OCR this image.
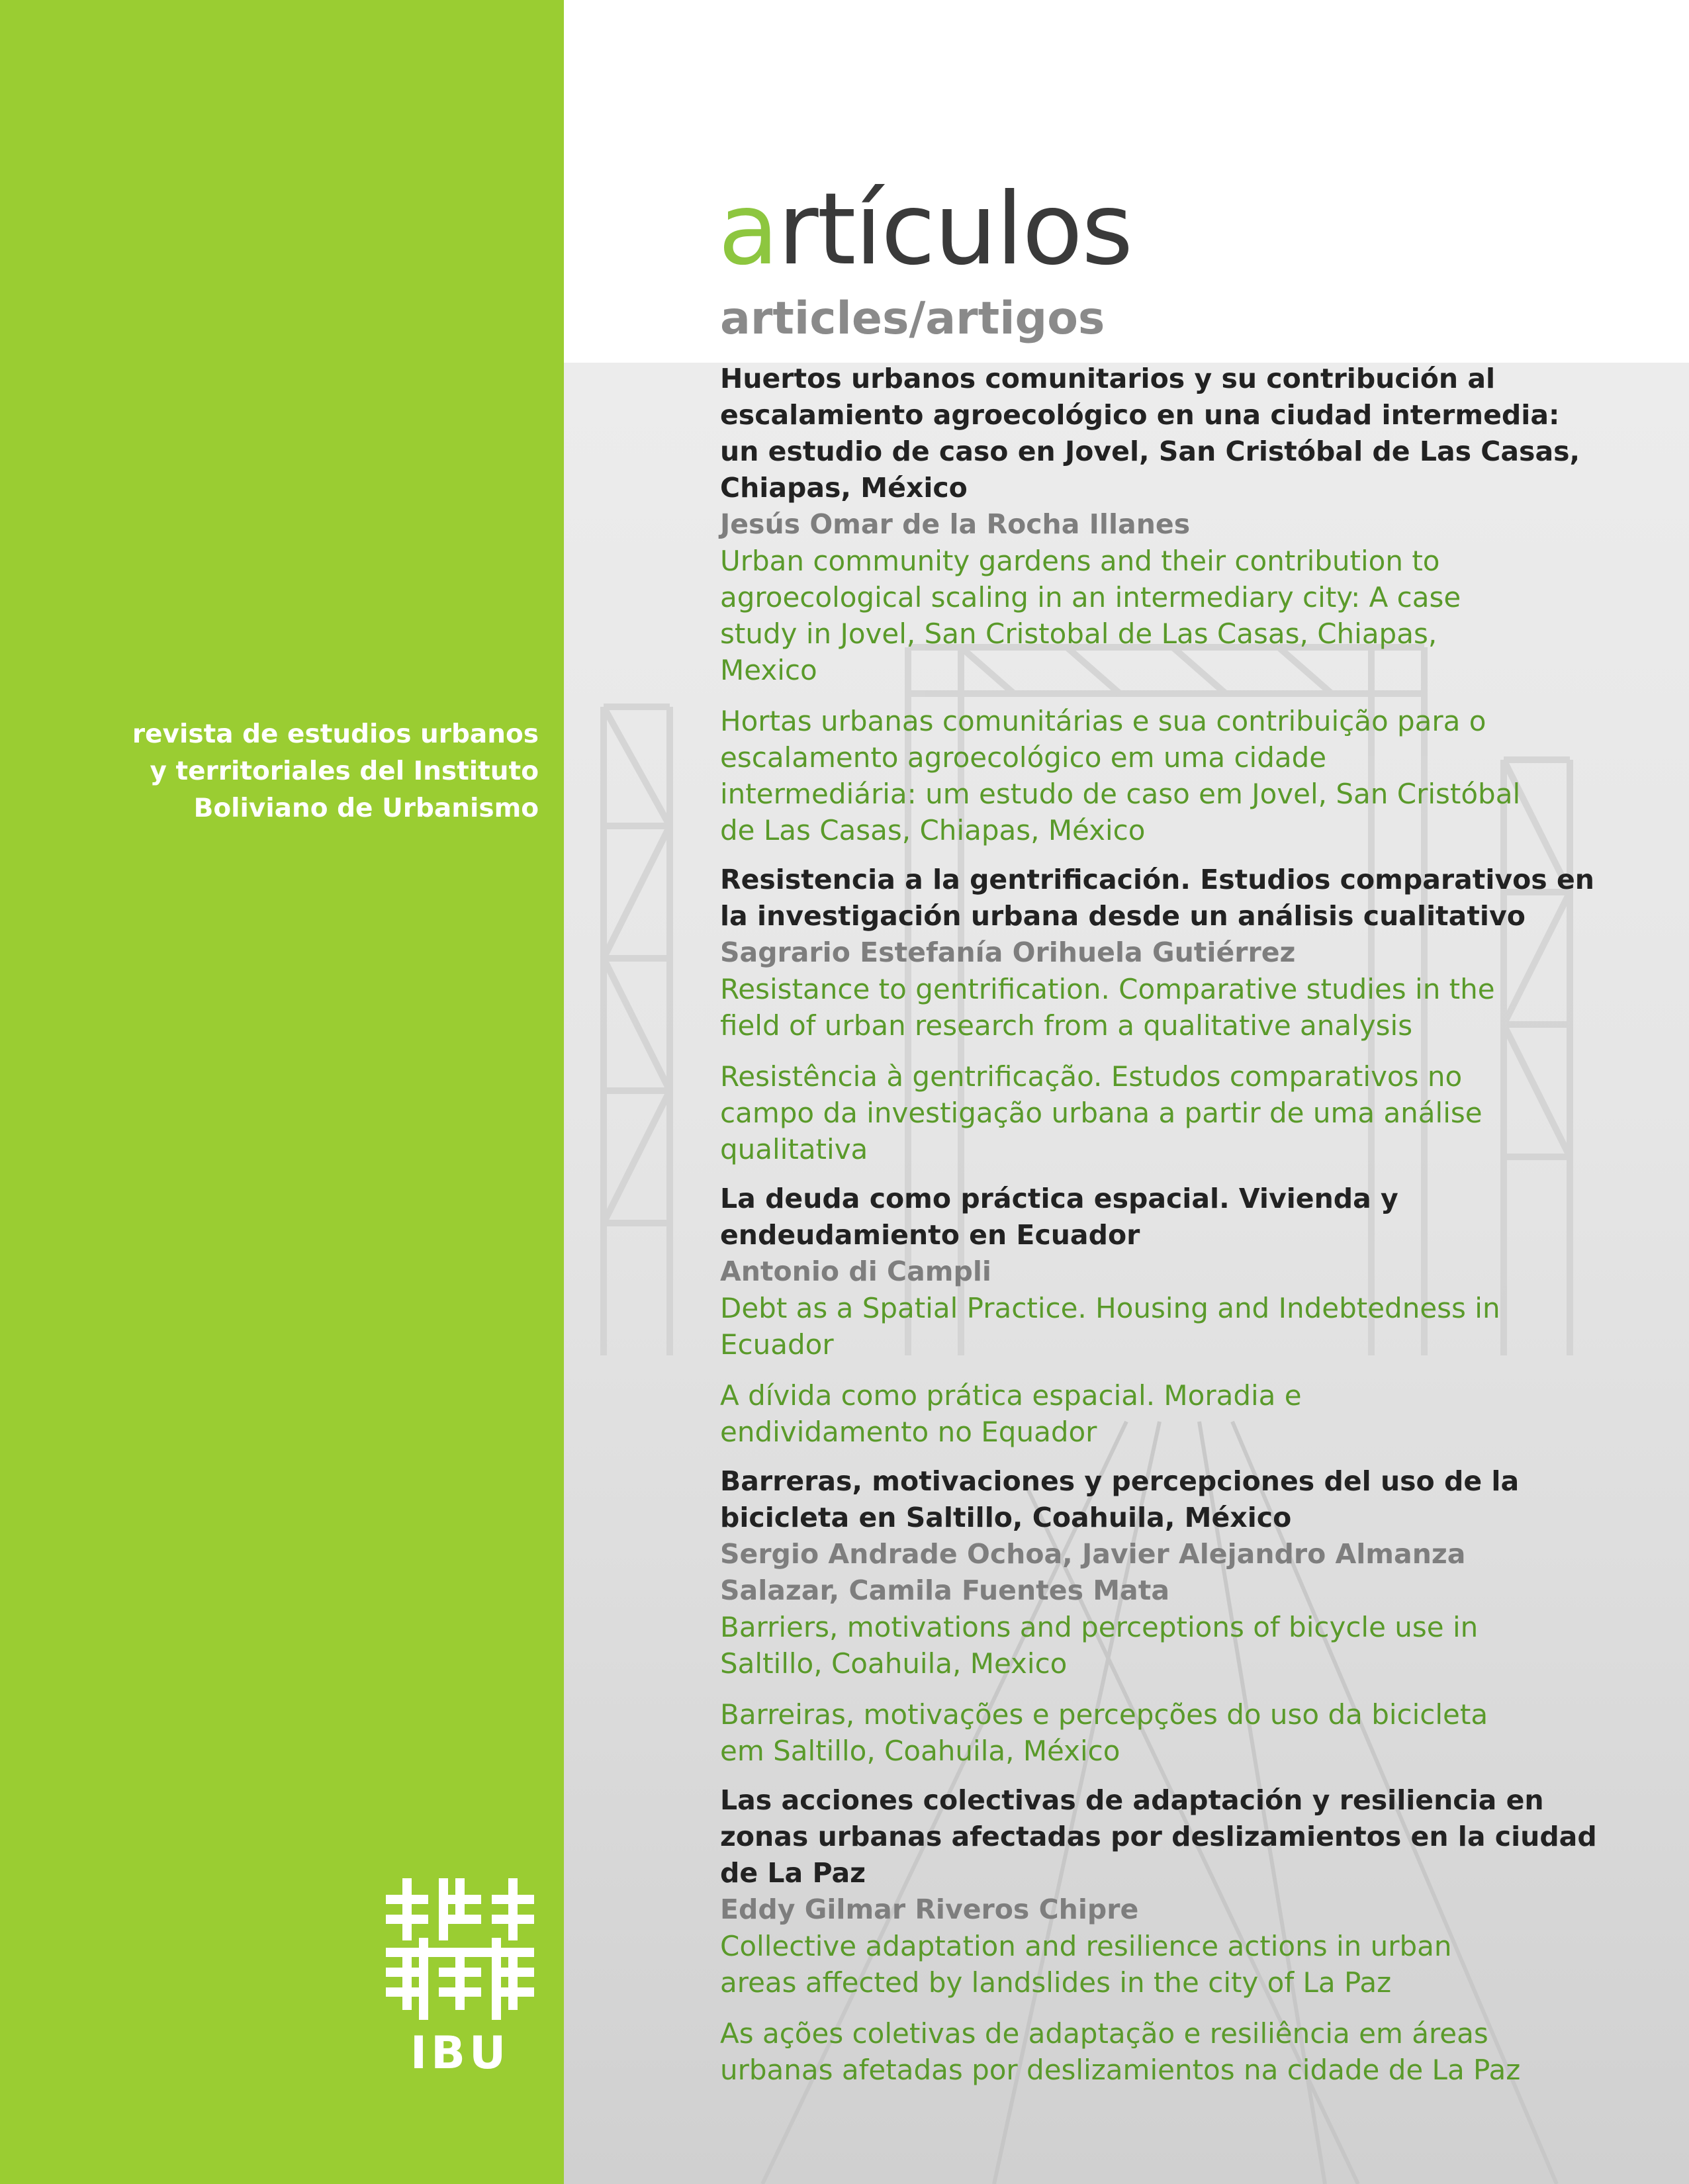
revista de estudios urbanos
y territoriales del Instituto
Boliviano de Urbanismo

IBU
artículos
articles/artigos

Huertos urbanos comunitarios y su contribución al
escalamiento agroecológico en una ciudad intermedia:
un estudio de caso en Jovel, San Cristóbal de Las Casas,
Chiapas, México

Jesús Omar de la Rocha Illanes

Urban community gardens and their contribution to
agroecological scaling in an intermediary city: A case
study in Jovel, San Cristobal de Las Casas, Chiapas,
Mexico

Hortas urbanas comunitárias e sua contribuição para o
escalamento agroecológico em uma cidade
intermediária: um estudo de caso em Jovel, San Cristóbal
de Las Casas, Chiapas, México

Resistencia a la gentrificación. Estudios comparativos en
la investigación urbana desde un análisis cualitativo

Sagrario Estefanía Orihuela Gutiérrez

Resistance to gentrification. Comparative studies in the
field of urban research from a qualitative analysis

Resistência à gentrificação. Estudos comparativos no
campo da investigação urbana a partir de uma análise
qualitativa

La deuda como práctica espacial. Vivienda y
endeudamiento en Ecuador

Antonio di Campli

Debt as a Spatial Practice. Housing and Indebtedness in
Ecuador

A dívida como prática espacial. Moradia e
endividamento no Equador

Barreras, motivaciones y percepciones del uso de la
bicicleta en Saltillo, Coahuila, México

Sergio Andrade Ochoa, Javier Alejandro Almanza
Salazar, Camila Fuentes Mata

Barriers, motivations and perceptions of bicycle use in
Saltillo, Coahuila, Mexico

Barreiras, motivações e percepções do uso da bicicleta
em Saltillo, Coahuila, México

Las acciones colectivas de adaptación y resiliencia en
zonas urbanas afectadas por deslizamientos en la ciudad
de La Paz

Eddy Gilmar Riveros Chipre

Collective adaptation and resilience actions in urban
areas affected by landslides in the city of La Paz

As ações coletivas de adaptação e resiliência em áreas
urbanas afetadas por deslizamientos na cidade de La Paz
